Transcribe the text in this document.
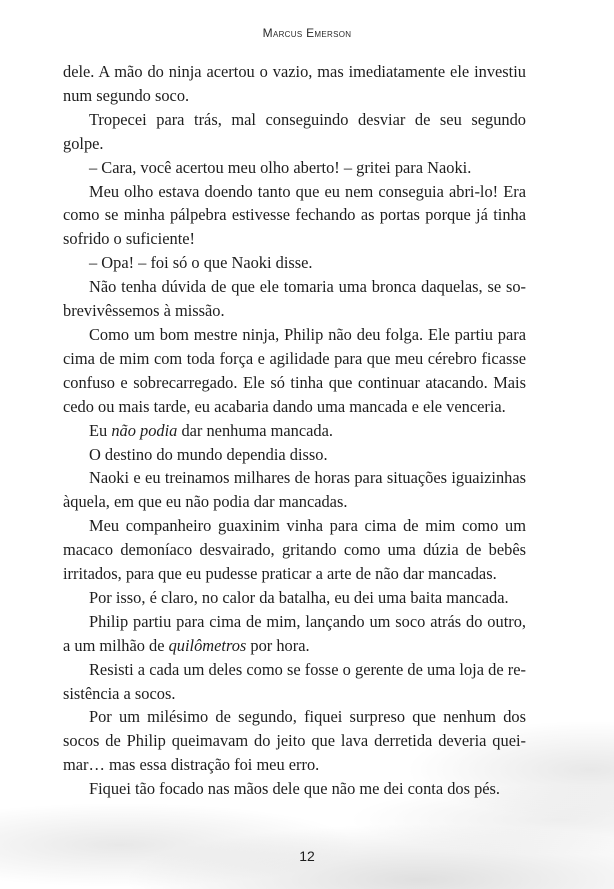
Marcus Emerson

dele. A mão do ninja acertou o vazio, mas imediatamente ele investiu num segundo soco.

Tropecei para trás, mal conseguindo desviar de seu segundo golpe.

– Cara, você acertou meu olho aberto! – gritei para Naoki.

Meu olho estava doendo tanto que eu nem conseguia abri-lo! Era como se minha pálpebra estivesse fechando as portas porque já tinha sofrido o suficiente!

– Opa! – foi só o que Naoki disse.

Não tenha dúvida de que ele tomaria uma bronca daquelas, se sobrevivêssemos à missão.

Como um bom mestre ninja, Philip não deu folga. Ele partiu para cima de mim com toda força e agilidade para que meu cérebro ficasse confuso e sobrecarregado. Ele só tinha que continuar atacando. Mais cedo ou mais tarde, eu acabaria dando uma mancada e ele venceria.

Eu não podia dar nenhuma mancada.

O destino do mundo dependia disso.

Naoki e eu treinamos milhares de horas para situações iguaizinhas àquela, em que eu não podia dar mancadas.

Meu companheiro guaxinim vinha para cima de mim como um macaco demoníaco desvairado, gritando como uma dúzia de bebês irritados, para que eu pudesse praticar a arte de não dar mancadas.

Por isso, é claro, no calor da batalha, eu dei uma baita mancada.

Philip partiu para cima de mim, lançando um soco atrás do outro, a um milhão de quilômetros por hora.

Resisti a cada um deles como se fosse o gerente de uma loja de resistência a socos.

Por um milésimo de segundo, fiquei surpreso que nenhum dos socos de Philip queimavam do jeito que lava derretida deveria queimar… mas essa distração foi meu erro.

Fiquei tão focado nas mãos dele que não me dei conta dos pés.

12
